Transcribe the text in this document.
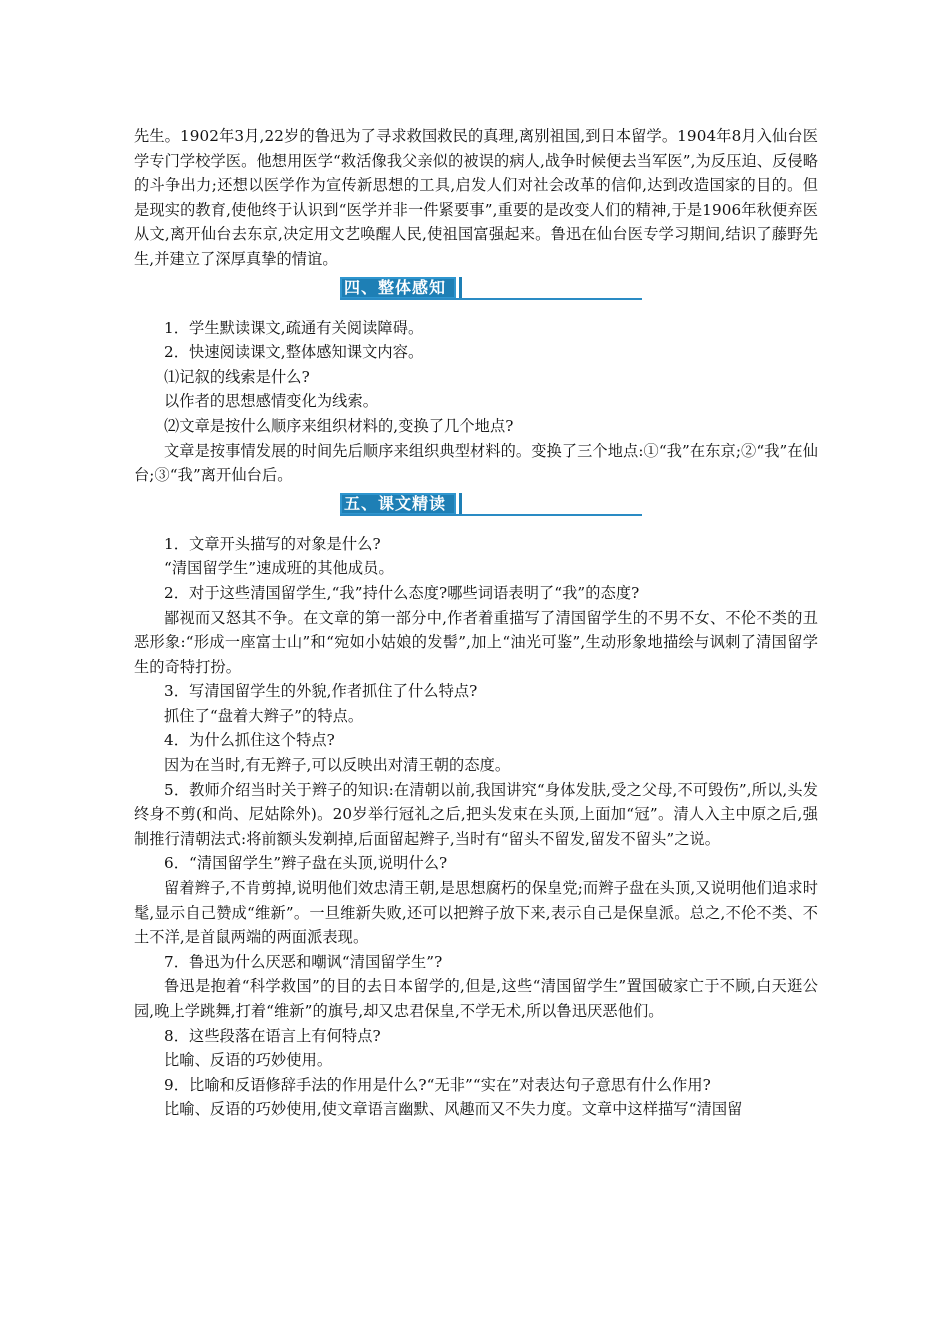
先生。1902年3月,22岁的鲁迅为了寻求救国救民的真理,离别祖国,到日本留学。1904年8月入仙台医学专门学校学医。他想用医学“救活像我父亲似的被误的病人,战争时候便去当军医”,为反压迫、反侵略的斗争出力;还想以医学作为宣传新思想的工具,启发人们对社会改革的信仰,达到改造国家的目的。但是现实的教育,使他终于认识到“医学并非一件紧要事”,重要的是改变人们的精神,于是1906年秋便弃医从文,离开仙台去东京,决定用文艺唤醒人民,使祖国富强起来。鲁迅在仙台医专学习期间,结识了藤野先生,并建立了深厚真挚的情谊。

四、整体感知

1．学生默读课文,疏通有关阅读障碍。

2．快速阅读课文,整体感知课文内容。

⑴记叙的线索是什么?

以作者的思想感情变化为线索。

⑵文章是按什么顺序来组织材料的,变换了几个地点?

文章是按事情发展的时间先后顺序来组织典型材料的。变换了三个地点:①“我”在东京;②“我”在仙台;③“我”离开仙台后。

五、课文精读

1．文章开头描写的对象是什么?

“清国留学生”速成班的其他成员。

2．对于这些清国留学生,“我”持什么态度?哪些词语表明了“我”的态度?

鄙视而又怒其不争。在文章的第一部分中,作者着重描写了清国留学生的不男不女、不伦不类的丑恶形象:“形成一座富士山”和“宛如小姑娘的发髻”,加上“油光可鉴”,生动形象地描绘与讽刺了清国留学生的奇特打扮。

3．写清国留学生的外貌,作者抓住了什么特点?

抓住了“盘着大辫子”的特点。

4．为什么抓住这个特点?

因为在当时,有无辫子,可以反映出对清王朝的态度。

5．教师介绍当时关于辫子的知识:在清朝以前,我国讲究“身体发肤,受之父母,不可毁伤”,所以,头发终身不剪(和尚、尼姑除外)。20岁举行冠礼之后,把头发束在头顶,上面加“冠”。清人入主中原之后,强制推行清朝法式:将前额头发剃掉,后面留起辫子,当时有“留头不留发,留发不留头”之说。

6．“清国留学生”辫子盘在头顶,说明什么?

留着辫子,不肯剪掉,说明他们效忠清王朝,是思想腐朽的保皇党;而辫子盘在头顶,又说明他们追求时髦,显示自己赞成“维新”。一旦维新失败,还可以把辫子放下来,表示自己是保皇派。总之,不伦不类、不土不洋,是首鼠两端的两面派表现。

7．鲁迅为什么厌恶和嘲讽“清国留学生”?

鲁迅是抱着“科学救国”的目的去日本留学的,但是,这些“清国留学生”置国破家亡于不顾,白天逛公园,晚上学跳舞,打着“维新”的旗号,却又忠君保皇,不学无术,所以鲁迅厌恶他们。

8．这些段落在语言上有何特点?

比喻、反语的巧妙使用。

9．比喻和反语修辞手法的作用是什么?“无非”“实在”对表达句子意思有什么作用?

比喻、反语的巧妙使用,使文章语言幽默、风趣而又不失力度。文章中这样描写“清国留
